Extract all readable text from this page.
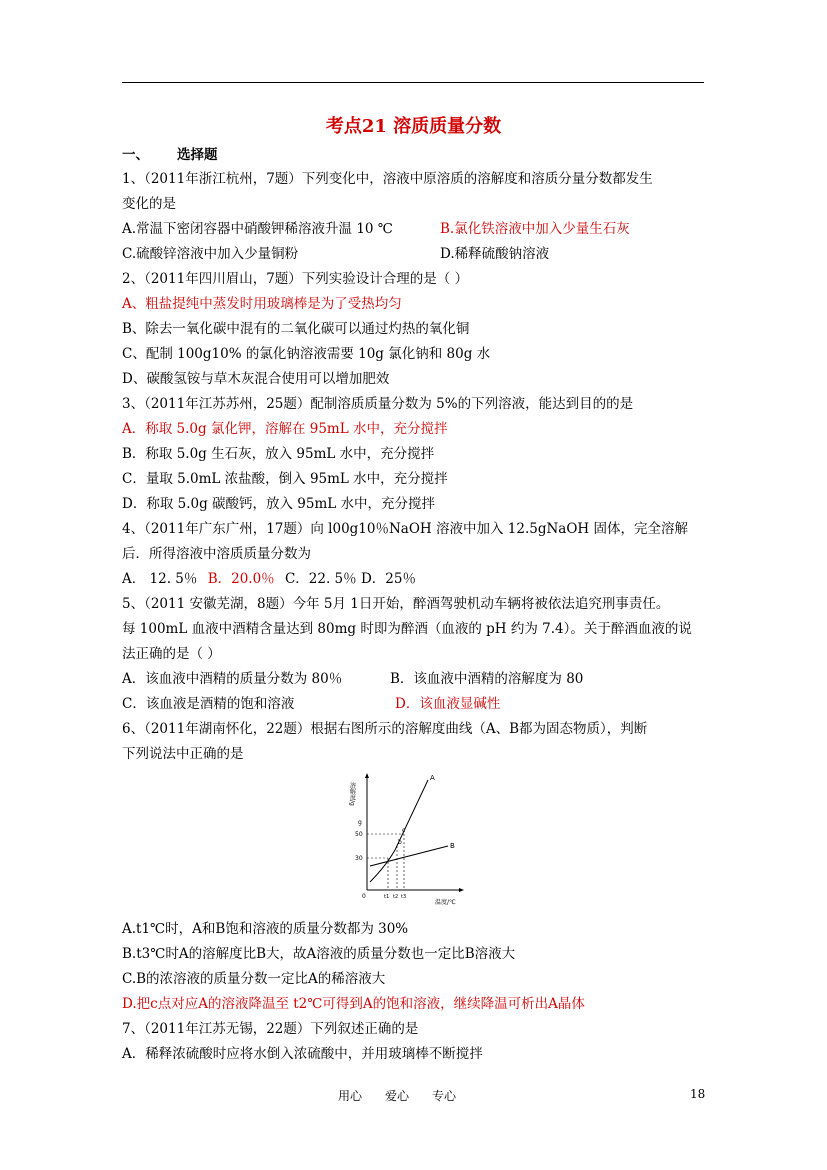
考点21 溶质质量分数
一、 选择题
1、（2011年浙江杭州，7题）下列变化中，溶液中原溶质的溶解度和溶质分量分数都发生
变化的是
A.常温下密闭容器中硝酸钾稀溶液升温 10 ℃	B.氯化铁溶液中加入少量生石灰
C.硫酸锌溶液中加入少量铜粉	D.稀释硫酸钠溶液
2、（2011年四川眉山，7题）下列实验设计合理的是（ ）
A、粗盐提纯中蒸发时用玻璃棒是为了受热均匀
B、除去一氧化碳中混有的二氧化碳可以通过灼热的氧化铜
C、配制 100g10% 的氯化钠溶液需要 10g 氯化钠和 80g 水
D、碳酸氢铵与草木灰混合使用可以增加肥效
3、（2011年江苏苏州，25题）配制溶质质量分数为 5%的下列溶液，能达到目的的是
A．称取 5.0g 氯化钾，溶解在 95mL 水中，充分搅拌
B．称取 5.0g 生石灰，放入 95mL 水中，充分搅拌
C．量取 5.0mL 浓盐酸，倒入 95mL 水中，充分搅拌
D．称取 5.0g 碳酸钙，放入 95mL 水中，充分搅拌
4、（2011年广东广州，17题）向 l00g10％NaOH 溶液中加入 12.5gNaOH 固体，完全溶解
后．所得溶液中溶质质量分数为
A． 12. 5％ B．20.0％ C．22. 5％ D．25％
5、（2011 安徽芜湖，8题）今年 5月 1日开始，醉酒驾驶机动车辆将被依法追究刑事责任。
每 100mL 血液中酒精含量达到 80mg 时即为醉酒（血液的 pH 约为 7.4）。关于醉酒血液的说
法正确的是（ ）
A．该血液中酒精的质量分数为 80％	B．该血液中酒精的溶解度为 80
C．该血液是酒精的饱和溶液	D．该血液显碱性
6、（2011年湖南怀化，22题）根据右图所示的溶解度曲线（A、B都为固态物质），判断
下列说法中正确的是
溶解度/g
A
B
30
50
g
0	t1 t2 t3
温度/℃
b
c
A.t1℃时，A和B饱和溶液的质量分数都为 30%
B.t3℃时A的溶解度比B大，故A溶液的质量分数也一定比B溶液大
C.B的浓溶液的质量分数一定比A的稀溶液大
D.把c点对应A的溶液降温至 t2℃可得到A的饱和溶液，继续降温可析出A晶体
7、（2011年江苏无锡，22题）下列叙述正确的是
A．稀释浓硫酸时应将水倒入浓硫酸中，并用玻璃棒不断搅拌
用心 爱心 专心	18
